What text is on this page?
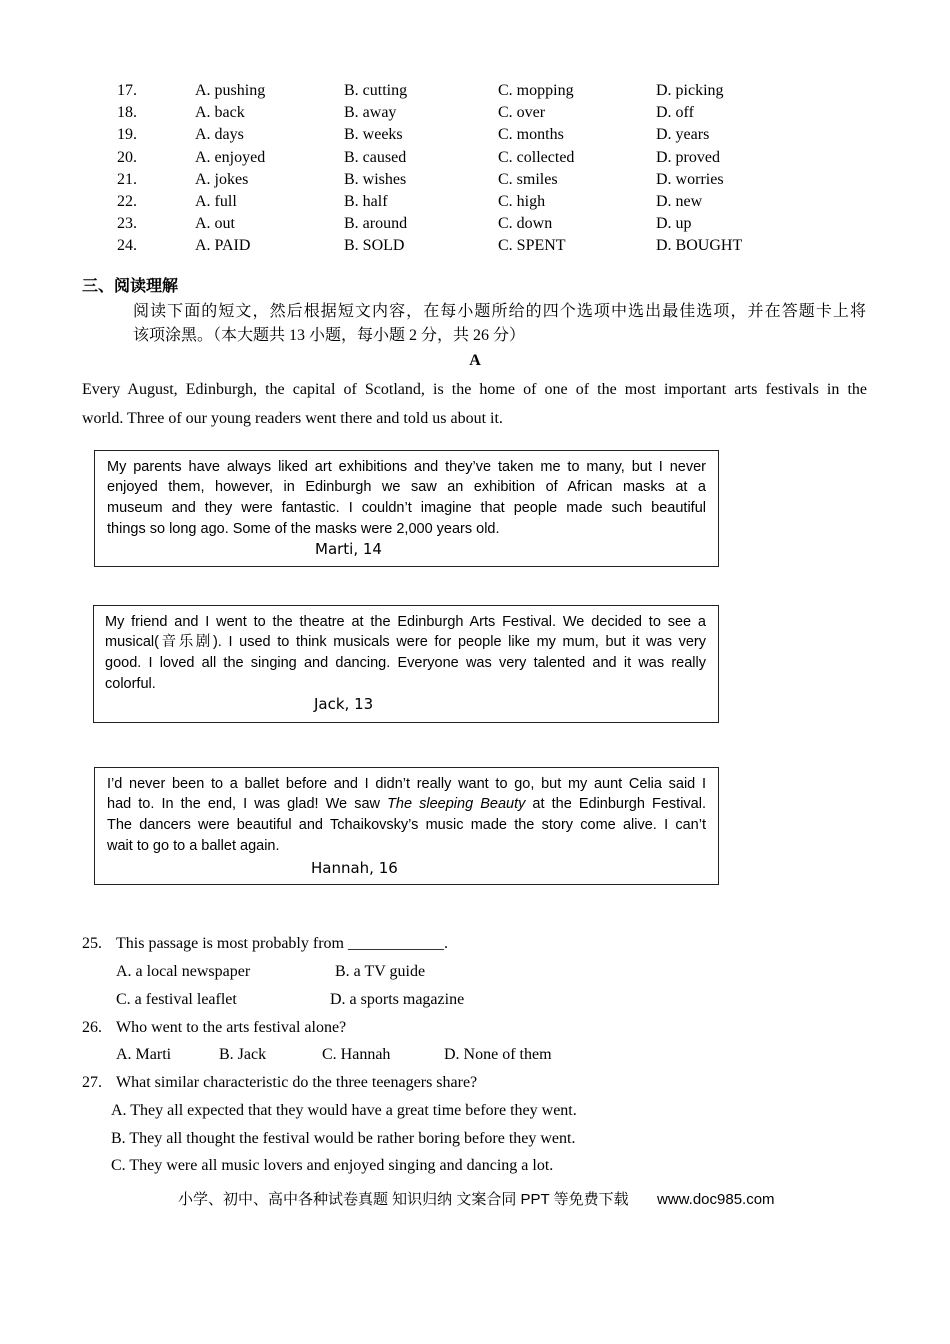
17.	A. pushing	B. cutting	C. mopping	D. picking
18.	A. back	B. away	C. over	D. off
19.	A. days	B. weeks	C. months	D. years
20.	A. enjoyed	B. caused	C. collected	D. proved
21.	A. jokes	B. wishes	C. smiles	D. worries
22.	A. full	B. half	C. high	D. new
23.	A. out	B. around	C. down	D. up
24.	A. PAID	B. SOLD	C. SPENT	D. BOUGHT
三、阅读理解
阅读下面的短文，然后根据短文内容，在每小题所给的四个选项中选出最佳选项，并在答题卡上将
该项涂黑。（本大题共 13 小题，每小题 2 分，共 26 分）
A
Every August, Edinburgh, the capital of Scotland, is the home of one of the most important arts festivals in the
world. Three of our young readers went there and told us about it.
My parents have always liked art exhibitions and they’ve taken me to many, but I never
enjoyed them, however, in Edinburgh we saw an exhibition of African masks at a
museum and they were fantastic. I couldn’t imagine that people made such beautiful
things so long ago. Some of the masks were 2,000 years old.
Marti, 14
My friend and I went to the theatre at the Edinburgh Arts Festival. We decided to see a
musical(音乐剧). I used to think musicals were for people like my mum, but it was very
good. I loved all the singing and dancing. Everyone was very talented and it was really
colorful.
Jack, 13
I’d never been to a ballet before and I didn’t really want to go, but my aunt Celia said I
had to. In the end, I was glad! We saw The sleeping Beauty at the Edinburgh Festival.
The dancers were beautiful and Tchaikovsky’s music made the story come alive. I can’t
wait to go to a ballet again.
Hannah, 16
25. This passage is most probably from ____________.
A. a local newspaper	B. a TV guide
C. a festival leaflet	D. a sports magazine
26. Who went to the arts festival alone?
A. Marti	B. Jack	C. Hannah	D. None of them
27. What similar characteristic do the three teenagers share?
A. They all expected that they would have a great time before they went.
B. They all thought the festival would be rather boring before they went.
C. They were all music lovers and enjoyed singing and dancing a lot.
小学、初中、高中各种试卷真题 知识归纳 文案合同 PPT 等免费下载 www.doc985.com
